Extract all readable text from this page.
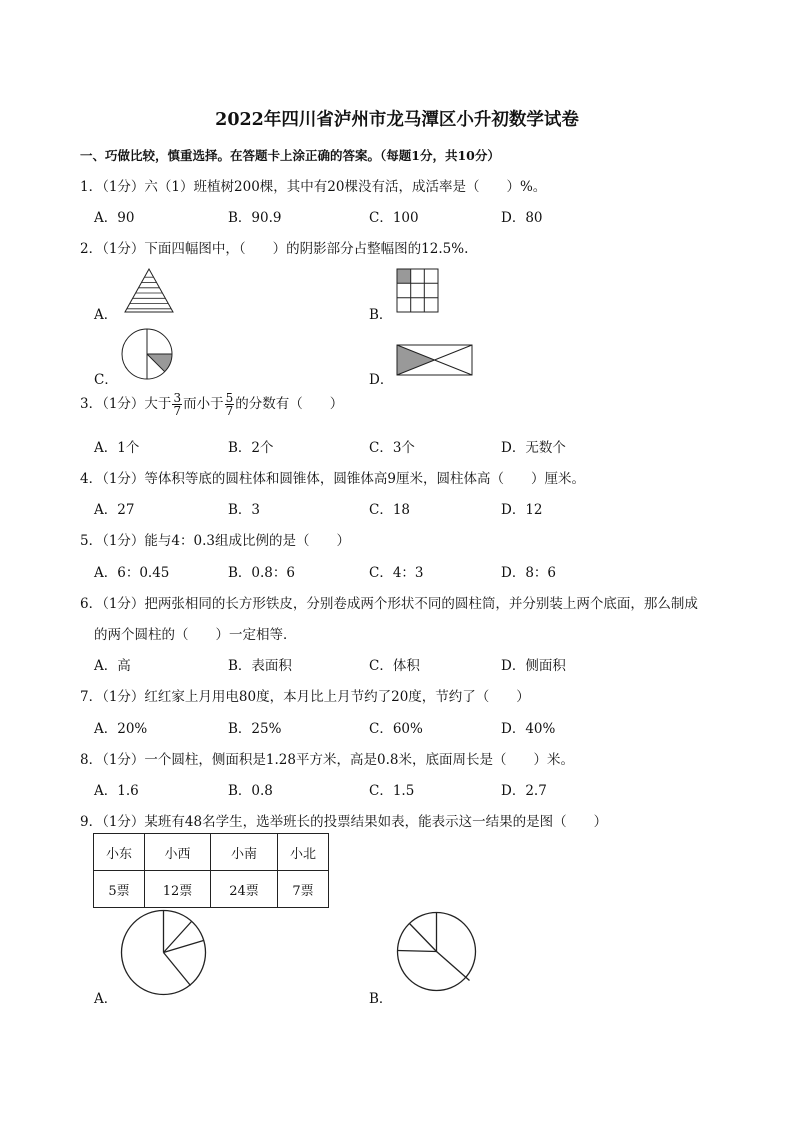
2022年四川省泸州市龙马潭区小升初数学试卷
一、巧做比较，慎重选择。在答题卡上涂正确的答案。（每题1分，共10分）
1．（1分）六（1）班植树200棵，其中有20棵没有活，成活率是（　　）%。
A．90	B．90.9	C．100	D．80
2．（1分）下面四幅图中，（　　）的阴影部分占整幅图的12.5%.
A．	B．
C．	D．
3．（1分）大于 $\frac{3}{7}$ 而小于 $\frac{5}{7}$ 的分数有（　　）
A．1个	B．2个	C．3个	D．无数个
4．（1分）等体积等底的圆柱体和圆锥体，圆锥体高9厘米，圆柱体高（　　）厘米。
A．27	B．3	C．18	D．12
5．（1分）能与4：0.3组成比例的是（　　）
A．6：0.45	B．0.8：6	C．4：3	D．8：6
6．（1分）把两张相同的长方形铁皮，分别卷成两个形状不同的圆柱筒，并分别装上两个底面，那么制成
的两个圆柱的（　　）一定相等．
A．高	B．表面积	C．体积	D．侧面积
7．（1分）红红家上月用电80度，本月比上月节约了20度，节约了（　　）
A．20%	B．25%	C．60%	D．40%
8．（1分）一个圆柱，侧面积是1.28平方米，高是0.8米，底面周长是（　　）米。
A．1.6	B．0.8	C．1.5	D．2.7
9．（1分）某班有48名学生，选举班长的投票结果如表，能表示这一结果的是图（　　）
小东	小西	小南	小北
5票	12票	24票	7票
A．	B．
